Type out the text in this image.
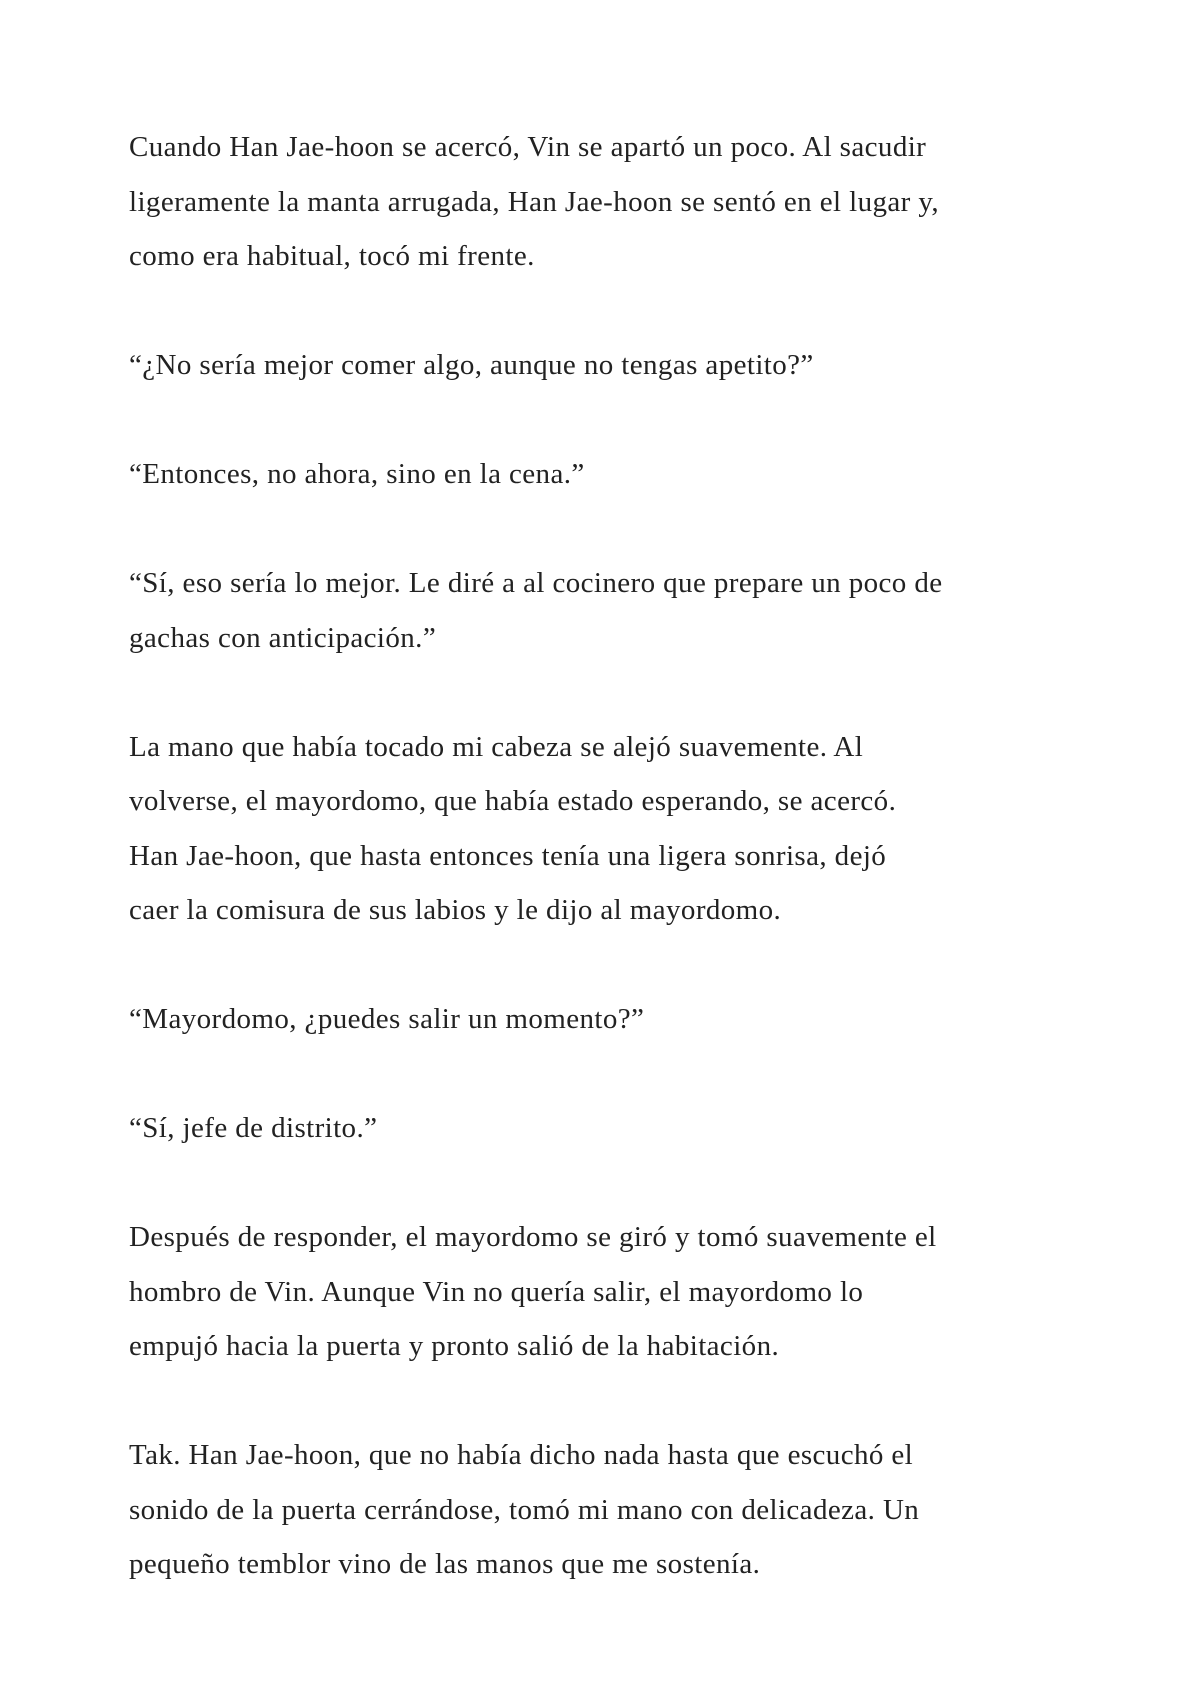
Cuando Han Jae-hoon se acercó, Vin se apartó un poco. Al sacudir
ligeramente la manta arrugada, Han Jae-hoon se sentó en el lugar y,
como era habitual, tocó mi frente.

“¿No sería mejor comer algo, aunque no tengas apetito?”

“Entonces, no ahora, sino en la cena.”

“Sí, eso sería lo mejor. Le diré a al cocinero que prepare un poco de
gachas con anticipación.”

La mano que había tocado mi cabeza se alejó suavemente. Al
volverse, el mayordomo, que había estado esperando, se acercó.
Han Jae-hoon, que hasta entonces tenía una ligera sonrisa, dejó
caer la comisura de sus labios y le dijo al mayordomo.

“Mayordomo, ¿puedes salir un momento?”

“Sí, jefe de distrito.”

Después de responder, el mayordomo se giró y tomó suavemente el
hombro de Vin. Aunque Vin no quería salir, el mayordomo lo
empujó hacia la puerta y pronto salió de la habitación.

Tak. Han Jae-hoon, que no había dicho nada hasta que escuchó el
sonido de la puerta cerrándose, tomó mi mano con delicadeza. Un
pequeño temblor vino de las manos que me sostenía.
